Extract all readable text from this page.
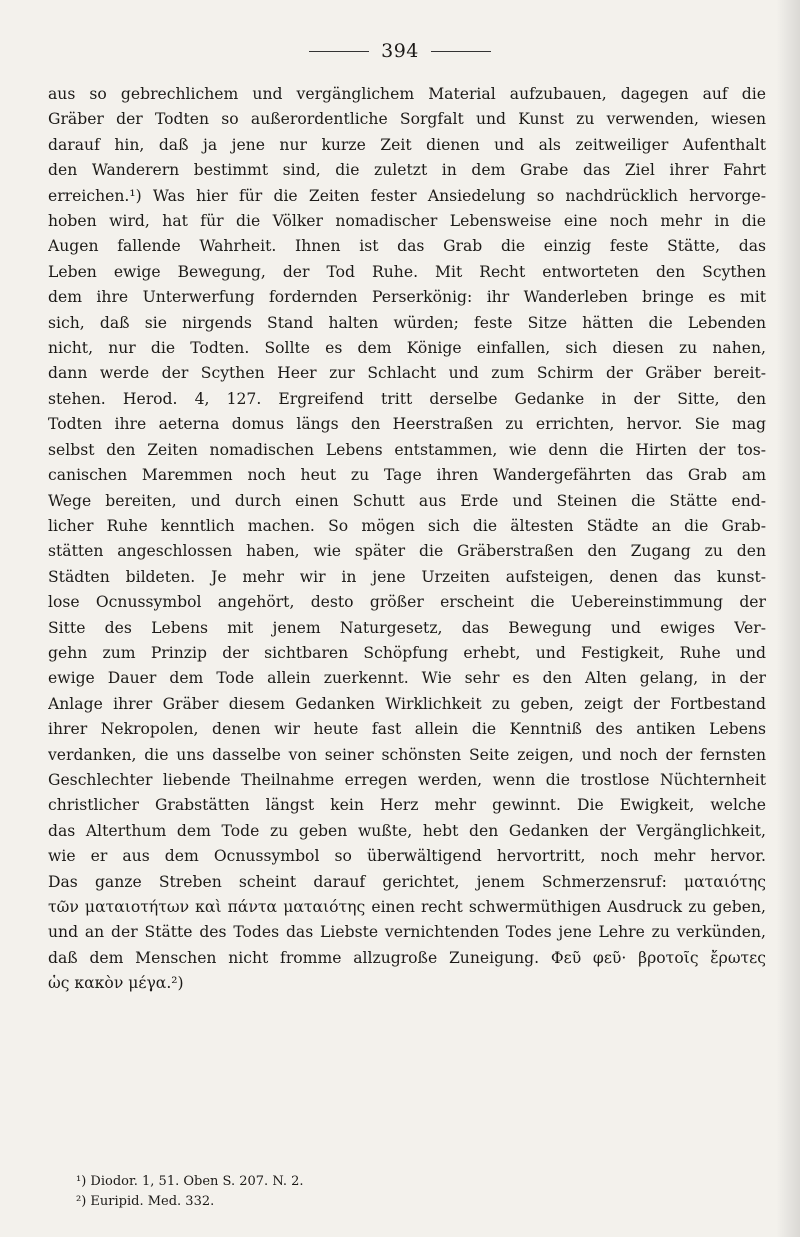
394
aus so gebrechlichem und vergänglichem Material aufzubauen, dagegen auf die
Gräber der Todten so außerordentliche Sorgfalt und Kunst zu verwenden, wiesen
darauf hin, daß ja jene nur kurze Zeit dienen und als zeitweiliger Aufenthalt
den Wanderern bestimmt sind, die zuletzt in dem Grabe das Ziel ihrer Fahrt
erreichen.¹) Was hier für die Zeiten fester Ansiedelung so nachdrücklich hervorge-
hoben wird, hat für die Völker nomadischer Lebensweise eine noch mehr in die
Augen fallende Wahrheit. Ihnen ist das Grab die einzig feste Stätte, das
Leben ewige Bewegung, der Tod Ruhe. Mit Recht entworteten den Scythen
dem ihre Unterwerfung fordernden Perserkönig: ihr Wanderleben bringe es mit
sich, daß sie nirgends Stand halten würden; feste Sitze hätten die Lebenden
nicht, nur die Todten. Sollte es dem Könige einfallen, sich diesen zu nahen,
dann werde der Scythen Heer zur Schlacht und zum Schirm der Gräber bereit-
stehen. Herod. 4, 127. Ergreifend tritt derselbe Gedanke in der Sitte, den
Todten ihre aeterna domus längs den Heerstraßen zu errichten, hervor. Sie mag
selbst den Zeiten nomadischen Lebens entstammen, wie denn die Hirten der tos-
canischen Maremmen noch heut zu Tage ihren Wandergefährten das Grab am
Wege bereiten, und durch einen Schutt aus Erde und Steinen die Stätte end-
licher Ruhe kenntlich machen. So mögen sich die ältesten Städte an die Grab-
stätten angeschlossen haben, wie später die Gräberstraßen den Zugang zu den
Städten bildeten. Je mehr wir in jene Urzeiten aufsteigen, denen das kunst-
lose Ocnussymbol angehört, desto größer erscheint die Uebereinstimmung der
Sitte des Lebens mit jenem Naturgesetz, das Bewegung und ewiges Ver-
gehn zum Prinzip der sichtbaren Schöpfung erhebt, und Festigkeit, Ruhe und
ewige Dauer dem Tode allein zuerkennt. Wie sehr es den Alten gelang, in der
Anlage ihrer Gräber diesem Gedanken Wirklichkeit zu geben, zeigt der Fortbestand
ihrer Nekropolen, denen wir heute fast allein die Kenntniß des antiken Lebens
verdanken, die uns dasselbe von seiner schönsten Seite zeigen, und noch der fernsten
Geschlechter liebende Theilnahme erregen werden, wenn die trostlose Nüchternheit
christlicher Grabstätten längst kein Herz mehr gewinnt. Die Ewigkeit, welche
das Alterthum dem Tode zu geben wußte, hebt den Gedanken der Vergänglichkeit,
wie er aus dem Ocnussymbol so überwältigend hervortritt, noch mehr hervor.
Das ganze Streben scheint darauf gerichtet, jenem Schmerzensruf: ματαιότης
τῶν ματαιοτήτων καὶ πάντα ματαιότης einen recht schwermüthigen Ausdruck zu geben,
und an der Stätte des Todes das Liebste vernichtenden Todes jene Lehre zu verkünden,
daß dem Menschen nicht fromme allzugroße Zuneigung. Φεῦ φεῦ· βροτοῖς ἔρωτες
ὡς κακὸν μέγα.²)
¹) Diodor. 1, 51. Oben S. 207. N. 2.
²) Euripid. Med. 332.
